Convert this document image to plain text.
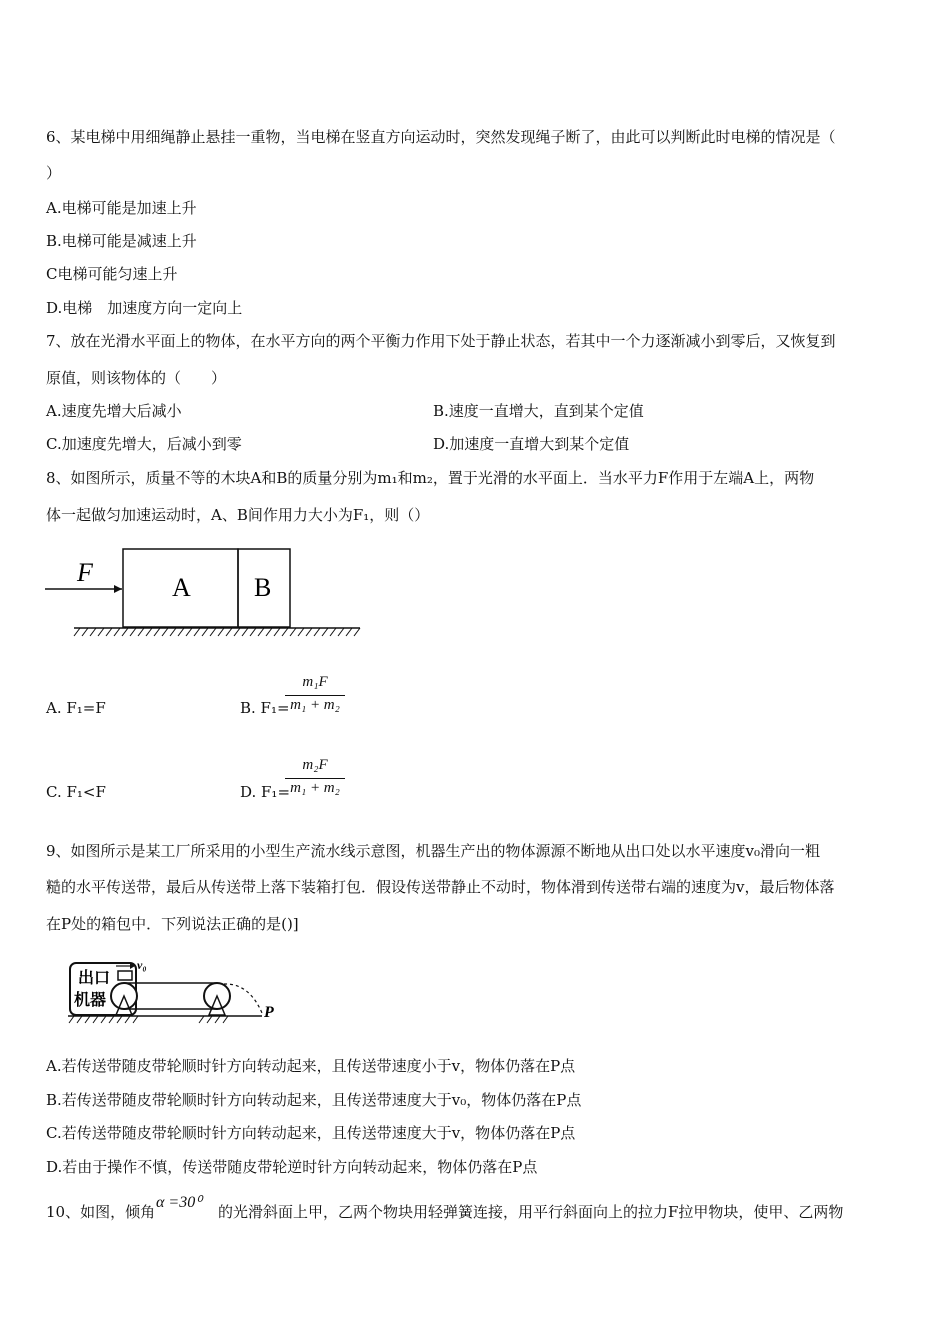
6、某电梯中用细绳静止悬挂一重物，当电梯在竖直方向运动时，突然发现绳子断了，由此可以判断此时电梯的情况是（
）
A.电梯可能是加速上升
B.电梯可能是减速上升
C电梯可能匀速上升
D.电梯　加速度方向一定向上
7、放在光滑水平面上的物体，在水平方向的两个平衡力作用下处于静止状态，若其中一个力逐渐减小到零后，又恢复到
原值，则该物体的（　　）
A.速度先增大后减小	B.速度一直增大，直到某个定值
C.加速度先增大，后减小到零	D.加速度一直增大到某个定值
8、如图所示，质量不等的木块A和B的质量分别为m₁和m₂，置于光滑的水平面上．当水平力F作用于左端A上，两物
体一起做匀加速运动时，A、B间作用力大小为F₁，则（）
F
A B
A. F₁=F	B. F₁=
m₁F
m₁ + m₂
C. F₁<F	D. F₁=
m₂F
m₁ + m₂
9、如图所示是某工厂所采用的小型生产流水线示意图，机器生产出的物体源源不断地从出口处以水平速度v₀滑向一粗
糙的水平传送带，最后从传送带上落下装箱打包．假设传送带静止不动时，物体滑到传送带右端的速度为v，最后物体落
在P处的箱包中．下列说法正确的是()]
出口
机器
v₀
P
A.若传送带随皮带轮顺时针方向转动起来，且传送带速度小于v，物体仍落在P点
B.若传送带随皮带轮顺时针方向转动起来，且传送带速度大于v₀，物体仍落在P点
C.若传送带随皮带轮顺时针方向转动起来，且传送带速度大于v，物体仍落在P点
D.若由于操作不慎，传送带随皮带轮逆时针方向转动起来，物体仍落在P点
10、如图，倾角
α =30⁰
的光滑斜面上甲，乙两个物块用轻弹簧连接，用平行斜面向上的拉力F拉甲物块，使甲、乙两物
